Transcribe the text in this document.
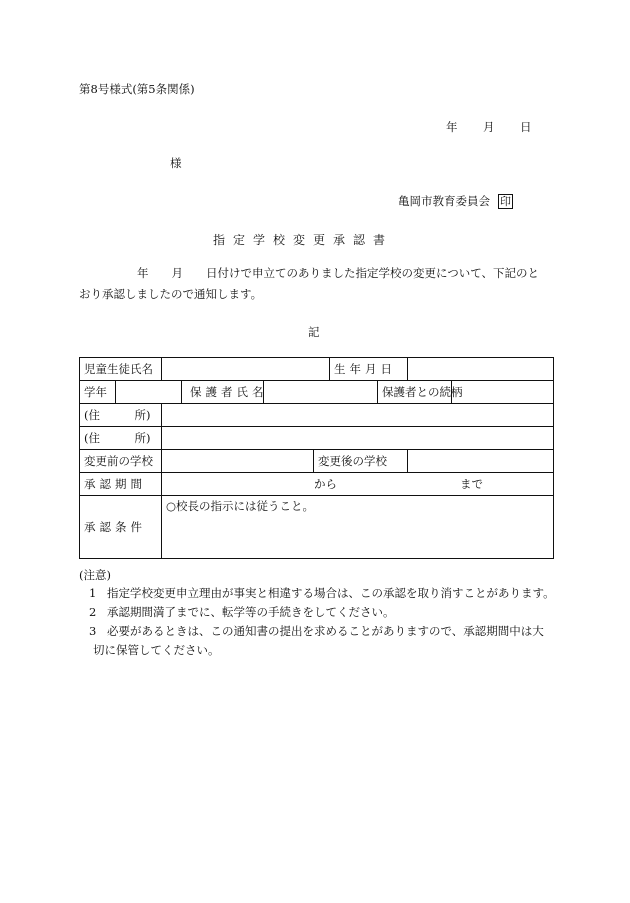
第8号様式(第5条関係)
年 月 日
様
亀岡市教育委員会 印
指定学校変更承認書
年　　月　　日付けで申立てのありました指定学校の変更について、下記のと
おり承認しましたので通知します。
記
児童生徒氏名						生年月日			
学年			保護者氏名				保護者との続柄		
(住　　　所)									
(住　　　所)									
変更前の学校					変更後の学校				
承認期間		から まで							
承認条件		○校長の指示には従うこと。							
(注意)
1 指定学校変更申立理由が事実と相違する場合は、この承認を取り消すことがあります。
2 承認期間満了までに、転学等の手続きをしてください。
3 必要があるときは、この通知書の提出を求めることがありますので、承認期間中は大
切に保管してください。
